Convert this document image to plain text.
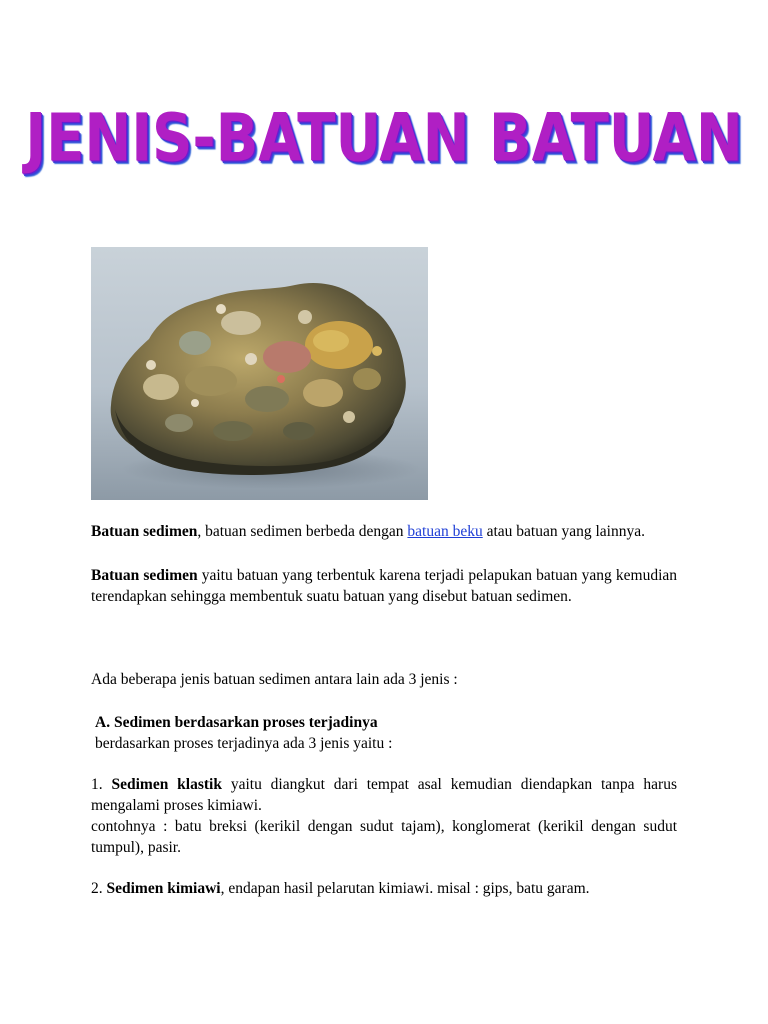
JENIS-BATUAN BATUAN

Batuan sedimen, batuan sedimen berbeda dengan batuan beku atau batuan yang lainnya.

Batuan sedimen yaitu batuan yang terbentuk karena terjadi pelapukan batuan yang kemudian terendapkan sehingga membentuk suatu batuan yang disebut batuan sedimen.

Ada beberapa jenis batuan sedimen antara lain ada 3 jenis :

A. Sedimen berdasarkan proses terjadinya

berdasarkan proses terjadinya ada 3 jenis yaitu :

1. Sedimen klastik yaitu diangkut dari tempat asal kemudian diendapkan tanpa harus mengalami proses kimiawi.

contohnya : batu breksi (kerikil dengan sudut tajam), konglomerat (kerikil dengan sudut tumpul), pasir.

2. Sedimen kimiawi, endapan hasil pelarutan kimiawi. misal : gips, batu garam.
